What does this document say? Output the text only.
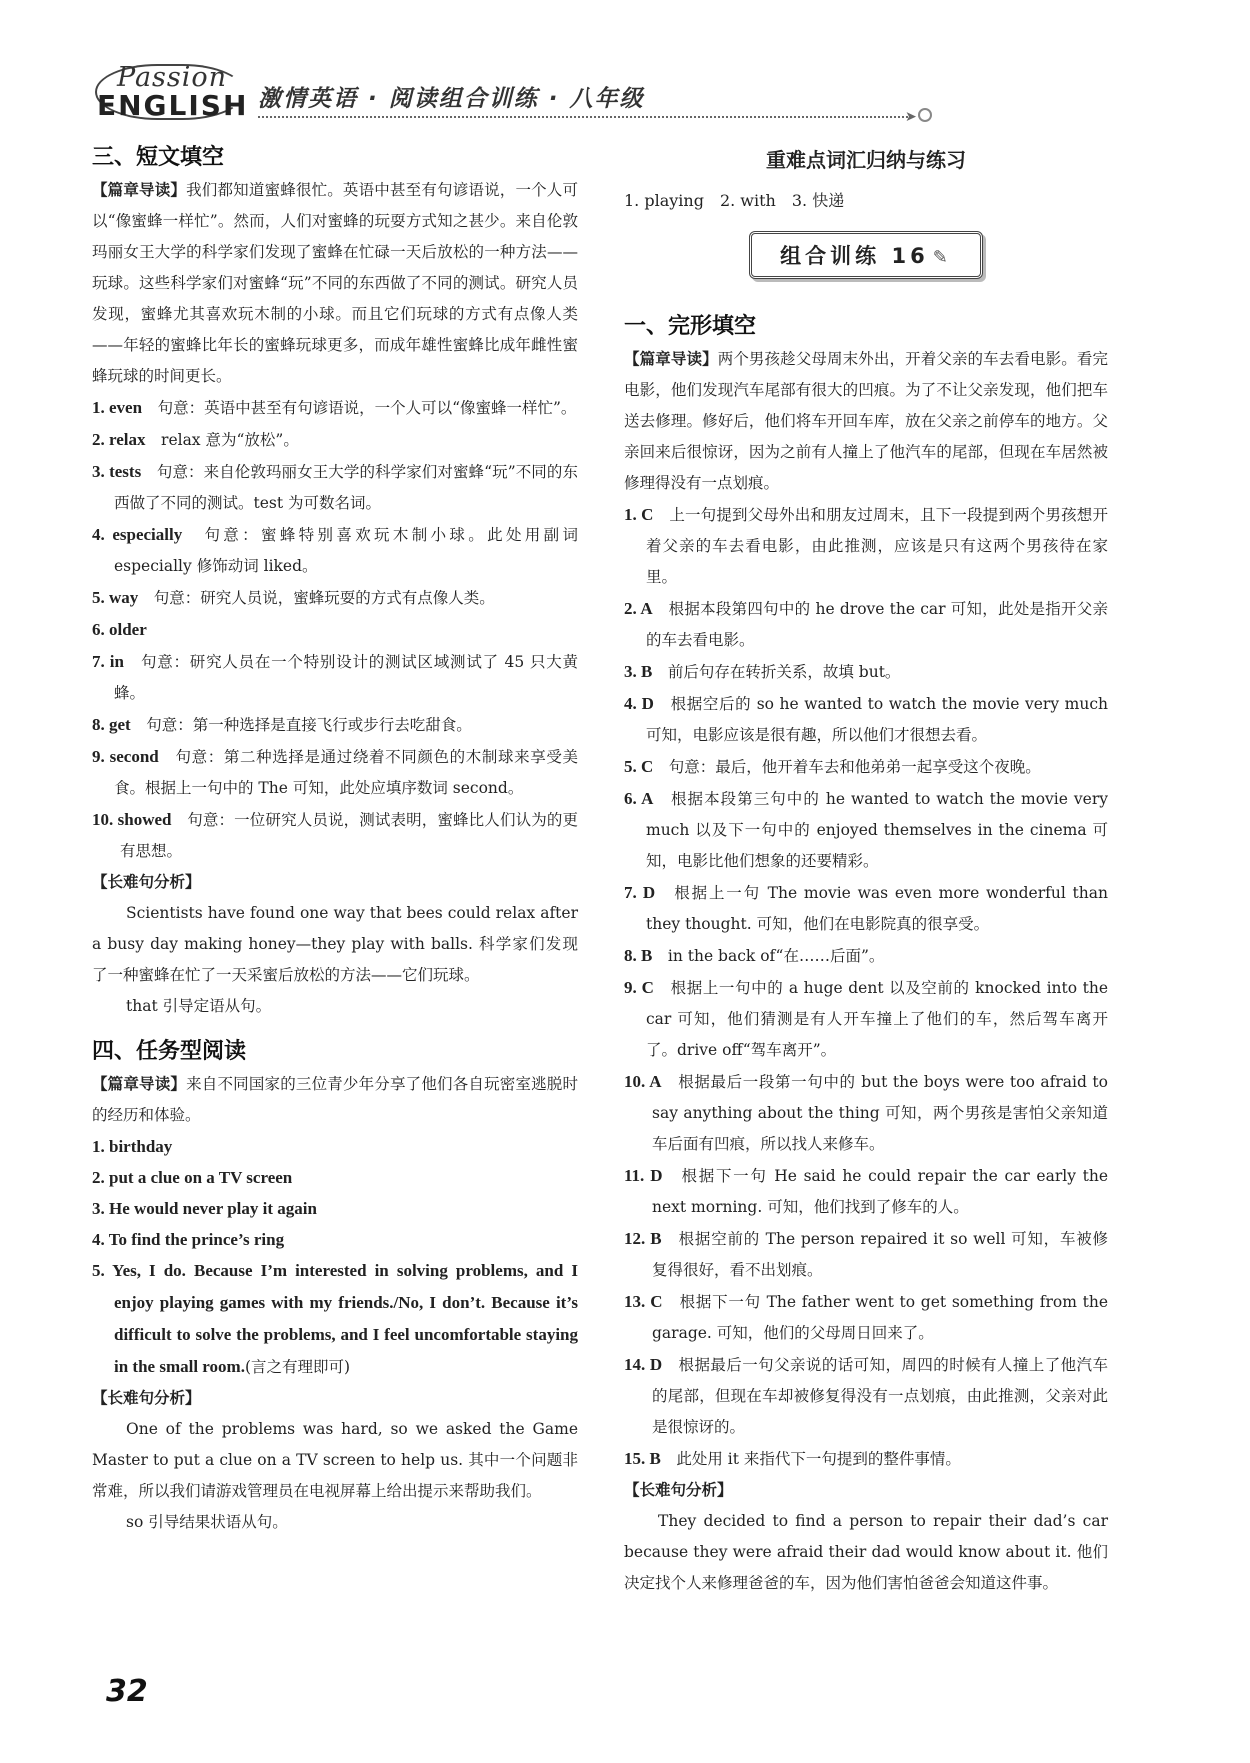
Passion
ENGLISH 激情英语 · 阅读组合训练 · 八年级
➤
三、短文填空

【篇章导读】我们都知道蜜蜂很忙。英语中甚至有句谚语说，一个人可以“像蜜蜂一样忙”。然而，人们对蜜蜂的玩耍方式知之甚少。来自伦敦玛丽女王大学的科学家们发现了蜜蜂在忙碌一天后放松的一种方法——玩球。这些科学家们对蜜蜂“玩”不同的东西做了不同的测试。研究人员发现，蜜蜂尤其喜欢玩木制的小球。而且它们玩球的方式有点像人类——年轻的蜜蜂比年长的蜜蜂玩球更多，而成年雄性蜜蜂比成年雌性蜜蜂玩球的时间更长。

1. even　 句意：英语中甚至有句谚语说，一个人可以“像蜜蜂一样忙”。

2. relax　 relax 意为“放松”。

3. tests　 句意：来自伦敦玛丽女王大学的科学家们对蜜蜂“玩”不同的东西做了不同的测试。test 为可数名词。

4. especially　 句意：蜜蜂特别喜欢玩木制小球。此处用副词 especially 修饰动词 liked。

5. way　 句意：研究人员说，蜜蜂玩耍的方式有点像人类。

6. older

7. in　 句意：研究人员在一个特别设计的测试区域测试了 45 只大黄蜂。

8. get　 句意：第一种选择是直接飞行或步行去吃甜食。

9. second　 句意：第二种选择是通过绕着不同颜色的木制球来享受美食。根据上一句中的 The 可知，此处应填序数词 second。

10. showed　 句意：一位研究人员说，测试表明，蜜蜂比人们认为的更有思想。

【长难句分析】

Scientists have found one way that bees could relax after a busy day making honey—they play with balls. 科学家们发现了一种蜜蜂在忙了一天采蜜后放松的方法——它们玩球。

that 引导定语从句。

四、任务型阅读

【篇章导读】来自不同国家的三位青少年分享了他们各自玩密室逃脱时的经历和体验。

1. birthday

2. put a clue on a TV screen

3. He would never play it again

4. To find the prince’s ring

5. Yes, I do. Because I’m interested in solving problems, and I enjoy playing games with my friends./No, I don’t. Because it’s difficult to solve the problems, and I feel uncomfortable staying in the small room.(言之有理即可)

【长难句分析】

One of the problems was hard, so we asked the Game Master to put a clue on a TV screen to help us. 其中一个问题非常难，所以我们请游戏管理员在电视屏幕上给出提示来帮助我们。

so 引导结果状语从句。

重难点词汇归纳与练习

1. playing　2. with　3. 快递

组合训练 16 ✎
一、完形填空

【篇章导读】两个男孩趁父母周末外出，开着父亲的车去看电影。看完电影，他们发现汽车尾部有很大的凹痕。为了不让父亲发现，他们把车送去修理。修好后，他们将车开回车库，放在父亲之前停车的地方。父亲回来后很惊讶，因为之前有人撞上了他汽车的尾部，但现在车居然被修理得没有一点划痕。

1. C　 上一句提到父母外出和朋友过周末，且下一段提到两个男孩想开着父亲的车去看电影，由此推测，应该是只有这两个男孩待在家里。

2. A　 根据本段第四句中的 he drove the car 可知，此处是指开父亲的车去看电影。

3. B　 前后句存在转折关系，故填 but。

4. D　 根据空后的 so he wanted to watch the movie very much 可知，电影应该是很有趣，所以他们才很想去看。

5. C　 句意：最后，他开着车去和他弟弟一起享受这个夜晚。

6. A　 根据本段第三句中的 he wanted to watch the movie very much 以及下一句中的 enjoyed themselves in the cinema 可知，电影比他们想象的还要精彩。

7. D　 根据上一句 The movie was even more wonderful than they thought. 可知，他们在电影院真的很享受。

8. B　 in the back of“在……后面”。

9. C　 根据上一句中的 a huge dent 以及空前的 knocked into the car 可知，他们猜测是有人开车撞上了他们的车，然后驾车离开了。drive off“驾车离开”。

10. A　 根据最后一段第一句中的 but the boys were too afraid to say anything about the thing 可知，两个男孩是害怕父亲知道车后面有凹痕，所以找人来修车。

11. D　 根据下一句 He said he could repair the car early the next morning. 可知，他们找到了修车的人。

12. B　 根据空前的 The person repaired it so well 可知，车被修复得很好，看不出划痕。

13. C　 根据下一句 The father went to get something from the garage. 可知，他们的父母周日回来了。

14. D　 根据最后一句父亲说的话可知，周四的时候有人撞上了他汽车的尾部，但现在车却被修复得没有一点划痕，由此推测，父亲对此是很惊讶的。

15. B　 此处用 it 来指代下一句提到的整件事情。

【长难句分析】

They decided to find a person to repair their dad’s car because they were afraid their dad would know about it. 他们决定找个人来修理爸爸的车，因为他们害怕爸爸会知道这件事。

32
